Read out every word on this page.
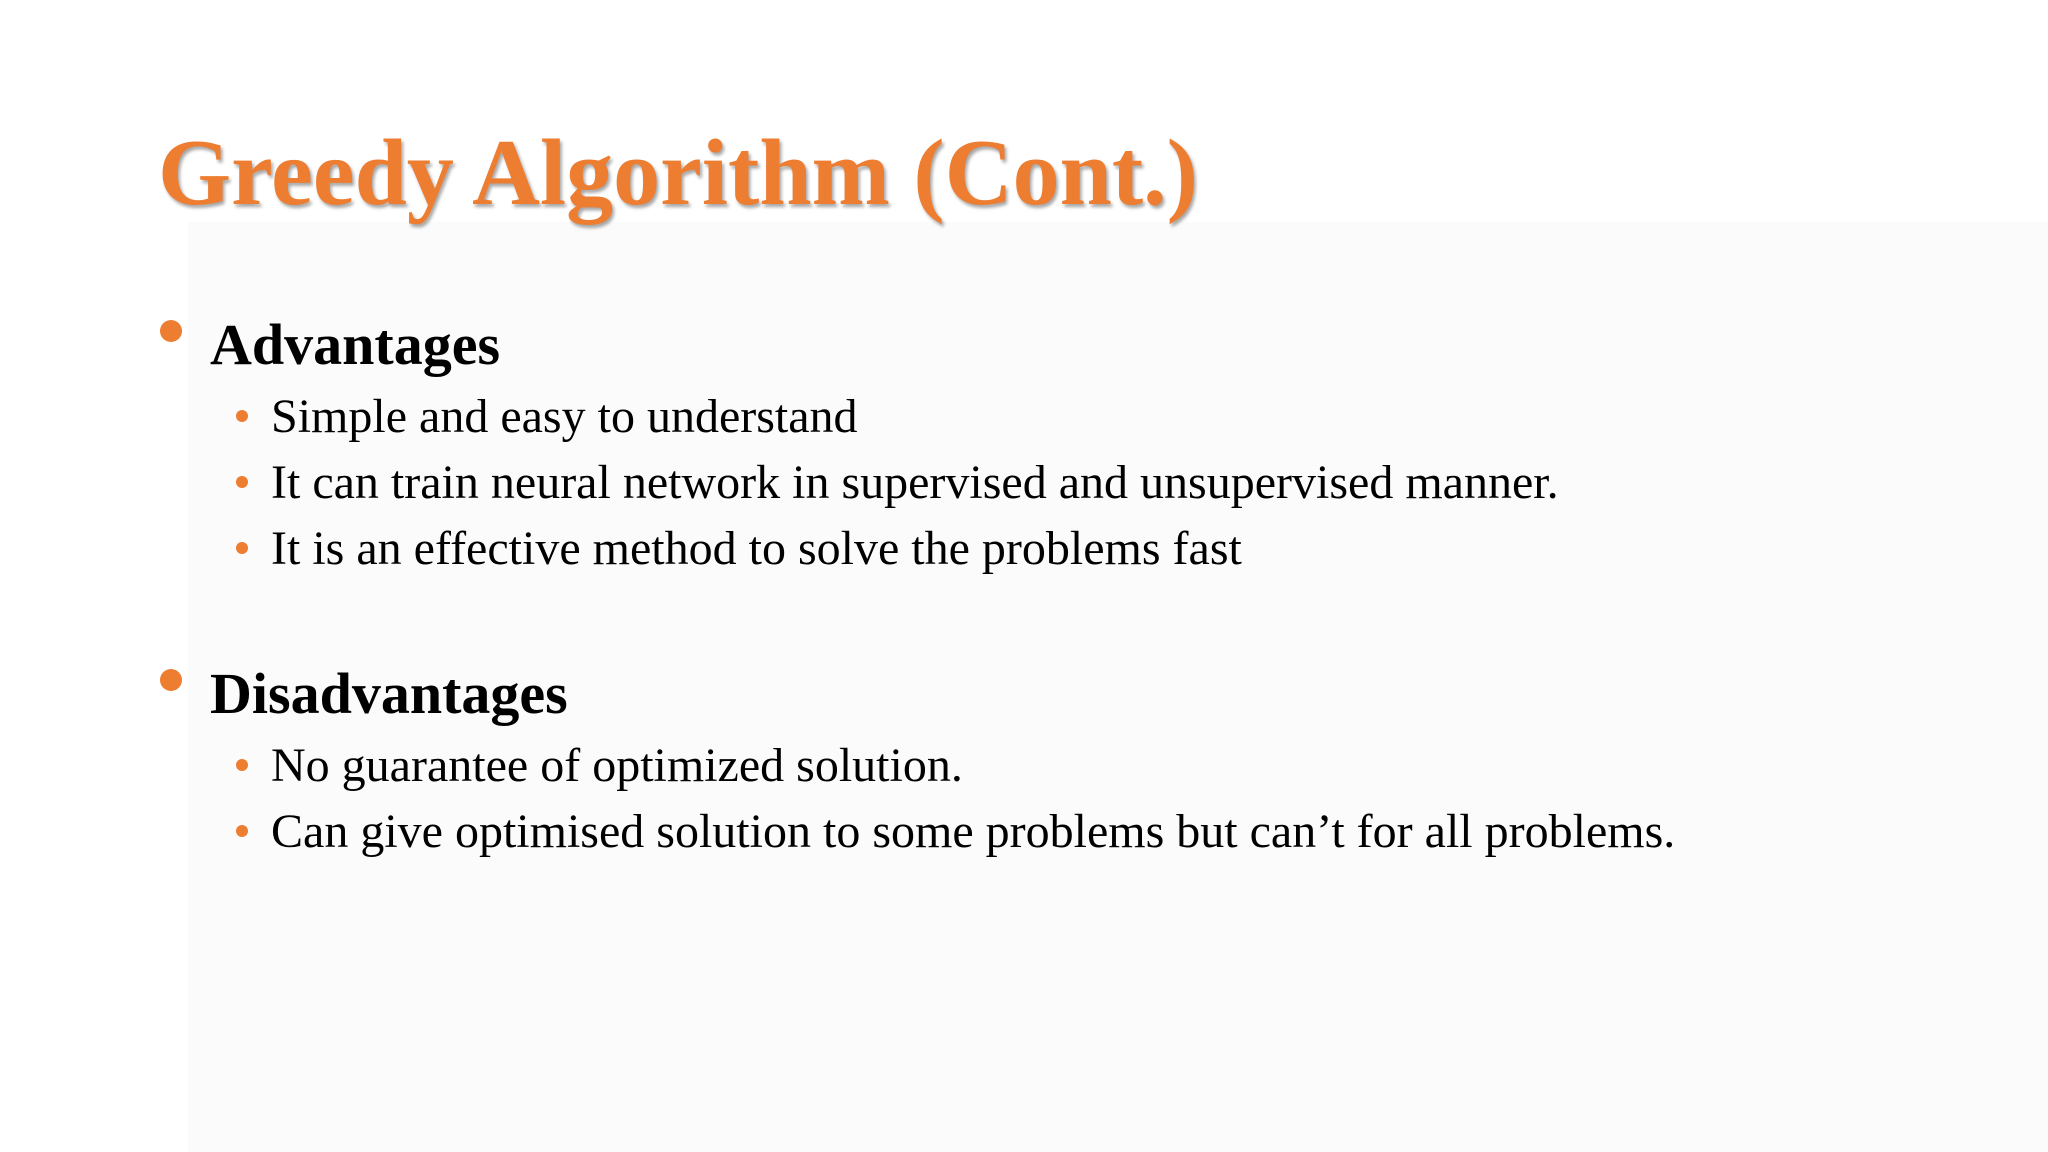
Greedy Algorithm (Cont.)
Advantages
Simple and easy to understand
It can train neural network in supervised and unsupervised manner.
It is an effective method to solve the problems fast
Disadvantages
No guarantee of optimized solution.
Can give optimised solution to some problems but can’t for all problems.
